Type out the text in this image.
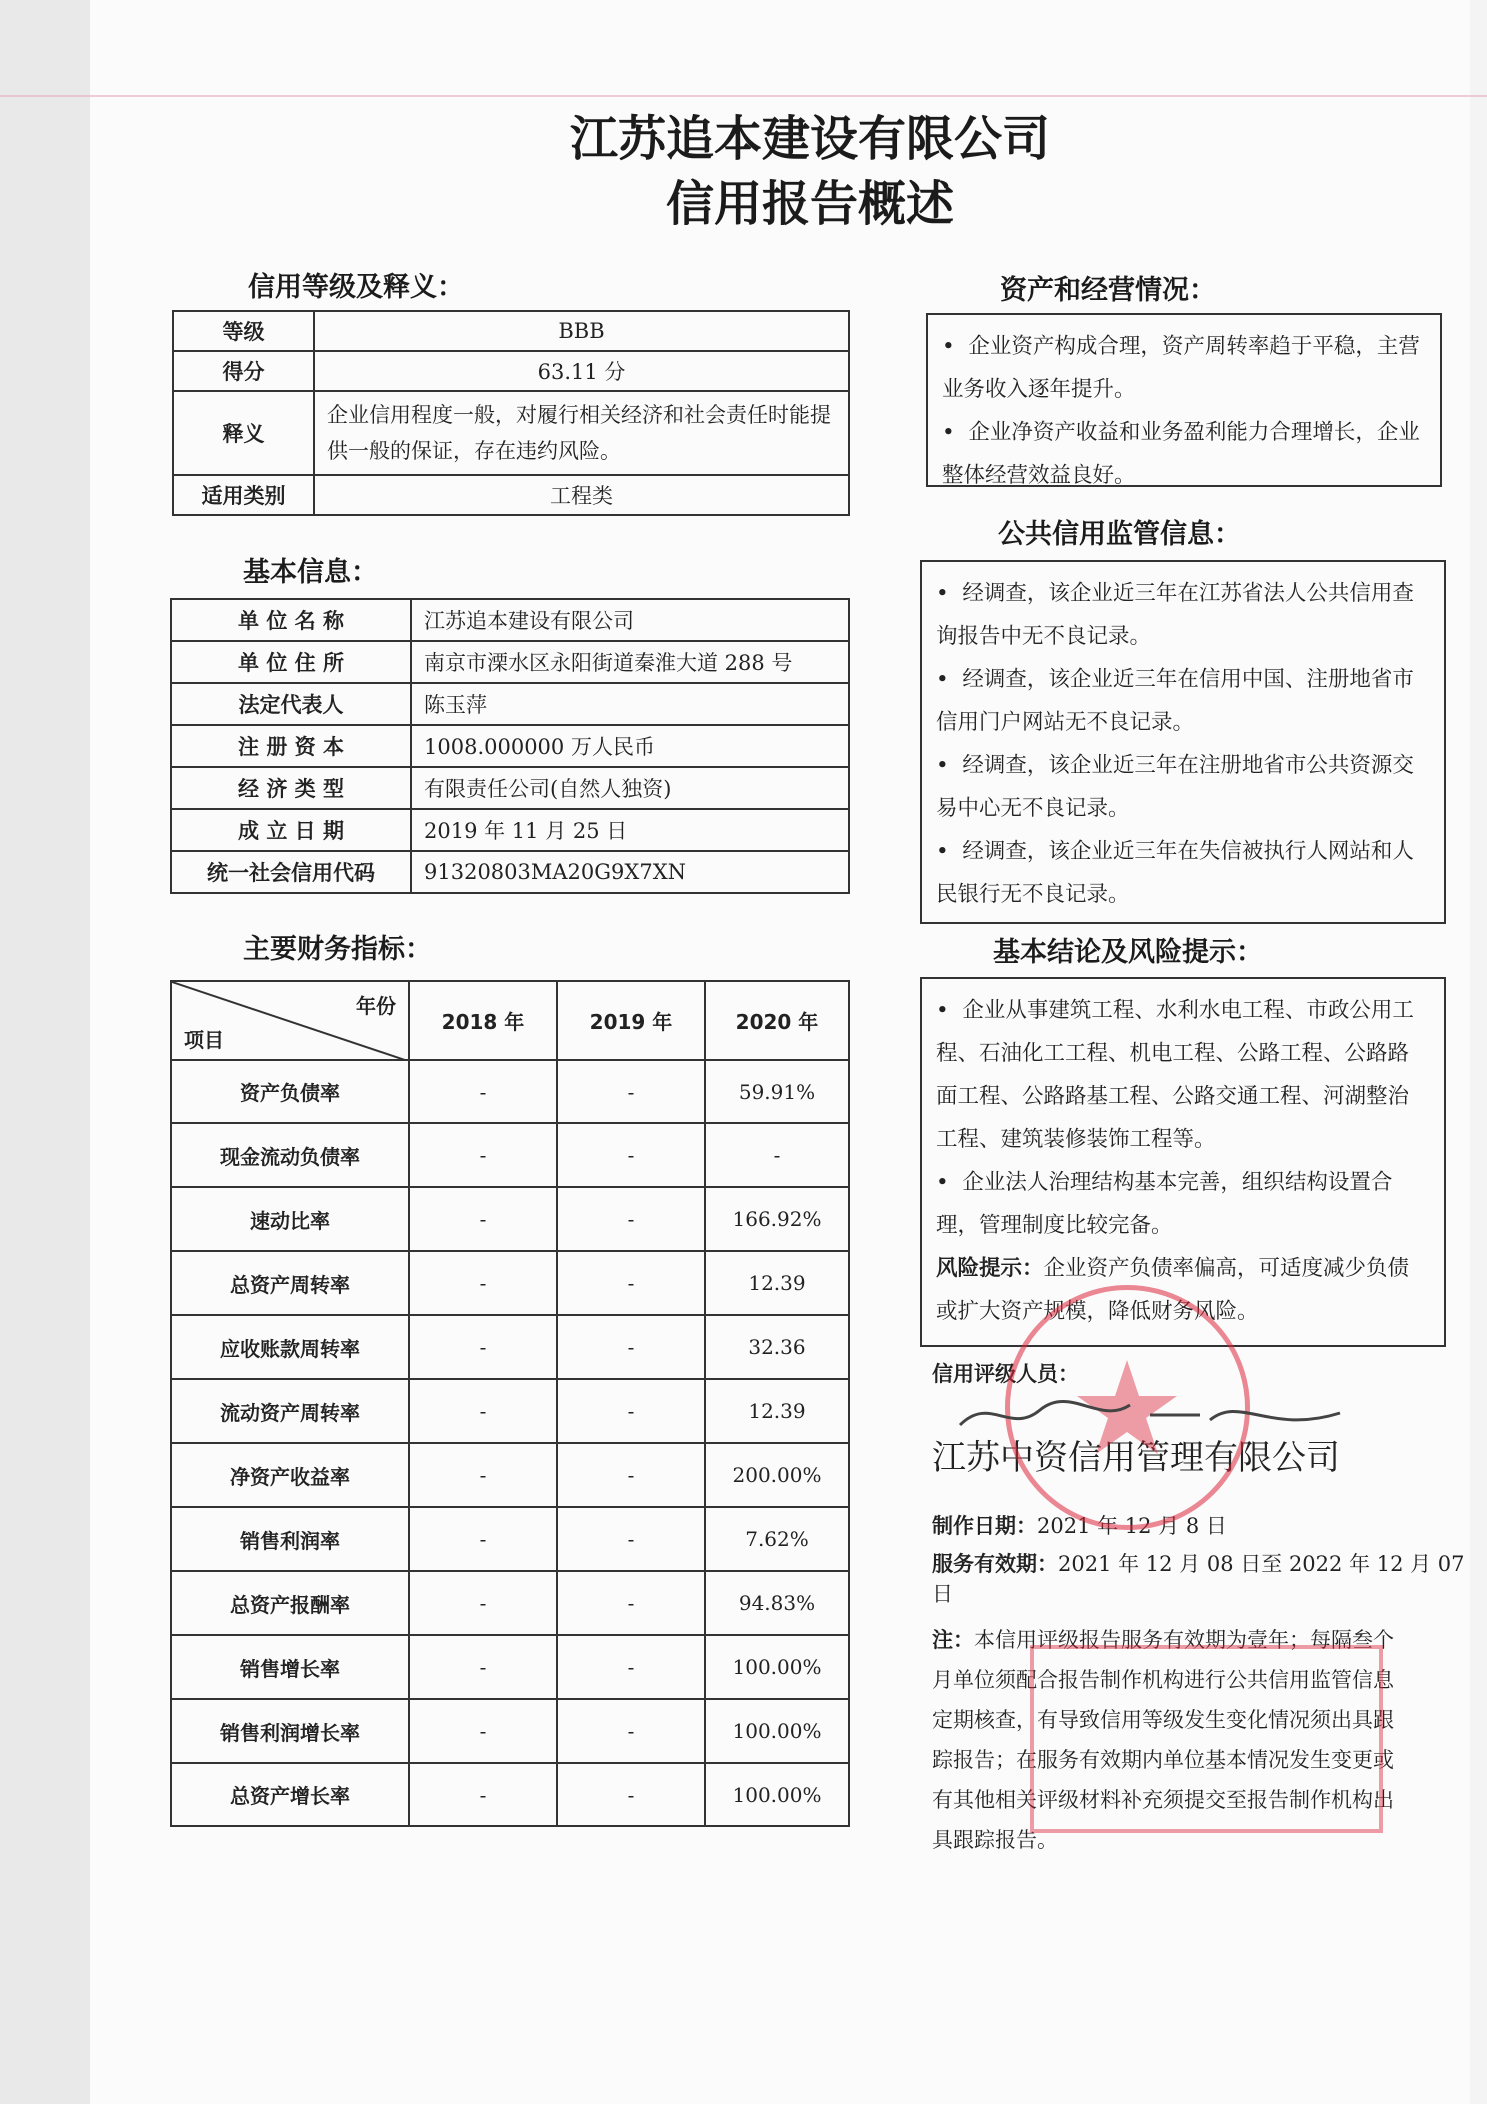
江苏追本建设有限公司
信用报告概述
信用等级及释义：
等级	BBB
得分	63.11 分
释义	企业信用程度一般，对履行相关经济和社会责任时能提供一般的保证，存在违约风险。
适用类别	工程类
基本信息：
单 位 名 称	江苏追本建设有限公司
单 位 住 所	南京市溧水区永阳街道秦淮大道 288 号
法定代表人	陈玉萍
注 册 资 本	1008.000000 万人民币
经 济 类 型	有限责任公司(自然人独资)
成 立 日 期	2019 年 11 月 25 日
统一社会信用代码	91320803MA20G9X7XN
主要财务指标：
年份
项目	2018 年	2019 年	2020 年
资产负债率	-	-	59.91%
现金流动负债率	-	-	-
速动比率	-	-	166.92%
总资产周转率	-	-	12.39
应收账款周转率	-	-	32.36
流动资产周转率	-	-	12.39
净资产收益率	-	-	200.00%
销售利润率	-	-	7.62%
总资产报酬率	-	-	94.83%
销售增长率	-	-	100.00%
销售利润增长率	-	-	100.00%
总资产增长率	-	-	100.00%
资产和经营情况：

•  企业资产构成合理，资产周转率趋于平稳，主营业务收入逐年提升。

•  企业净资产收益和业务盈利能力合理增长，企业整体经营效益良好。

公共信用监管信息：

•  经调查，该企业近三年在江苏省法人公共信用查询报告中无不良记录。

•  经调查，该企业近三年在信用中国、注册地省市信用门户网站无不良记录。

•  经调查，该企业近三年在注册地省市公共资源交易中心无不良记录。

•  经调查，该企业近三年在失信被执行人网站和人民银行无不良记录。

基本结论及风险提示：

•  企业从事建筑工程、水利水电工程、市政公用工程、石油化工工程、机电工程、公路工程、公路路面工程、公路路基工程、公路交通工程、河湖整治工程、建筑装修装饰工程等。

•  企业法人治理结构基本完善，组织结构设置合理，管理制度比较完备。

风险提示：企业资产负债率偏高，可适度减少负债或扩大资产规模，降低财务风险。

信用评级人员：
江苏中资信用管理有限公司
制作日期：2021 年 12 月 8 日
服务有效期：2021 年 12 月 08 日至 2022 年 12 月 07 日
注：本信用评级报告服务有效期为壹年；每隔叁个月单位须配合报告制作机构进行公共信用监管信息定期核查，有导致信用等级发生变化情况须出具跟踪报告；在服务有效期内单位基本情况发生变更或有其他相关评级材料补充须提交至报告制作机构出具跟踪报告。
